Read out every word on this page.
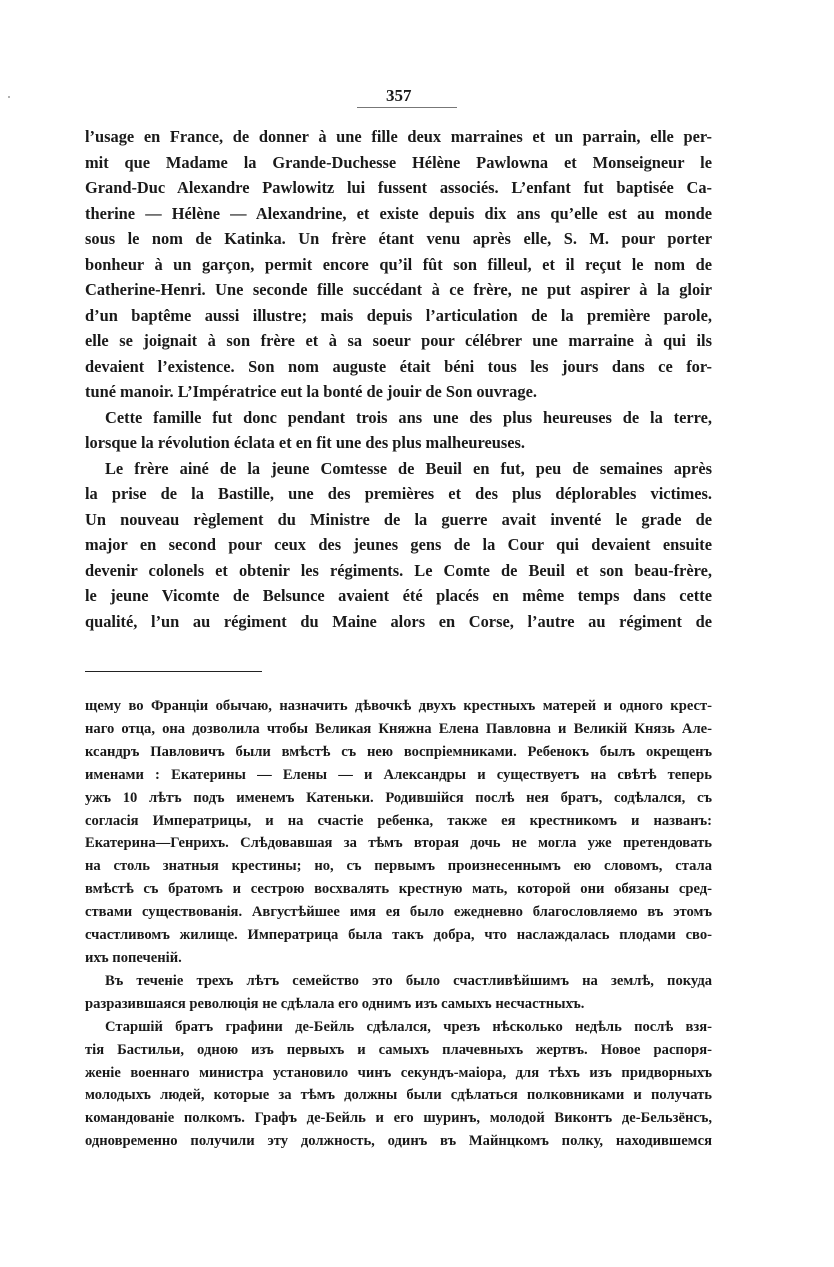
357
l’usage en France, de donner à une fille deux marraines et un parrain, elle per-
mit que Madame la Grande-Duchesse Hélène Pawlowna et Monseigneur le
Grand-Duc Alexandre Pawlowitz lui fussent associés. L’enfant fut baptisée Ca-
therine — Hélène — Alexandrine, et existe depuis dix ans qu’elle est au monde
sous le nom de Katinka. Un frère étant venu après elle, S. M. pour porter
bonheur à un garçon, permit encore qu’il fût son filleul, et il reçut le nom de
Catherine-Henri. Une seconde fille succédant à ce frère, ne put aspirer à la gloir
d’un baptême aussi illustre; mais depuis l’articulation de la première parole,
elle se joignait à son frère et à sa soeur pour célébrer une marraine à qui ils
devaient l’existence. Son nom auguste était béni tous les jours dans ce for-
tuné manoir. L’Impératrice eut la bonté de jouir de Son ouvrage.
Cette famille fut donc pendant trois ans une des plus heureuses de la terre,
lorsque la révolution éclata et en fit une des plus malheureuses.
Le frère ainé de la jeune Comtesse de Beuil en fut, peu de semaines après
la prise de la Bastille, une des premières et des plus déplorables victimes.
Un nouveau règlement du Ministre de la guerre avait inventé le grade de
major en second pour ceux des jeunes gens de la Cour qui devaient ensuite
devenir colonels et obtenir les régiments. Le Comte de Beuil et son beau-frère,
le jeune Vicomte de Belsunce avaient été placés en même temps dans cette
qualité, l’un au régiment du Maine alors en Corse, l’autre au régiment de
щему во Францiи обычаю, назначить дѣвочкѣ двухъ крестныхъ матерей и одного крест-
наго отца, она дозволила чтобы Великая Княжна Елена Павловна и Великiй Князь Але-
ксандръ Павловичъ были вмѣстѣ съ нею воспрiемниками. Ребенокъ былъ окрещенъ
именами : Екатерины — Елены — и Александры и существуетъ на свѣтѣ теперь
ужъ 10 лѣтъ подъ именемъ Катеньки. Родившiйся послѣ нея братъ, содѣлался, съ
согласiя Императрицы, и на счастiе ребенка, также ея крестникомъ и названъ:
Екатерина—Генрихъ. Слѣдовавшая за тѣмъ вторая дочь не могла уже претендовать
на столь знатныя крестины; но, съ первымъ произнесеннымъ ею словомъ, стала
вмѣстѣ съ братомъ и сестрою восхвалять крестную мать, которой они обязаны сред-
ствами существованiя. Августѣйшее имя ея было ежедневно благословляемо въ этомъ
счастливомъ жилище. Императрица была такъ добра, что наслаждалась плодами сво-
ихъ попеченiй.
Въ теченiе трехъ лѣтъ семейство это было счастливѣйшимъ на землѣ, покуда
разразившаяся революцiя не сдѣлала его однимъ изъ самыхъ несчастныхъ.
Старшiй братъ графини де-Бейль сдѣлался, чрезъ нѣсколько недѣль послѣ взя-
тiя Бастильи, одною изъ первыхъ и самыхъ плачевныхъ жертвъ. Новое распоря-
женiе военнаго министра установило чинъ секундъ-маiора, для тѣхъ изъ придворныхъ
молодыхъ людей, которые за тѣмъ должны были сдѣлаться полковниками и получать
командованiе полкомъ. Графъ де-Бейль и его шуринъ, молодой Виконтъ де-Бельзёнсъ,
одновременно получили эту должность, одинъ въ Майнцкомъ полку, находившемся
